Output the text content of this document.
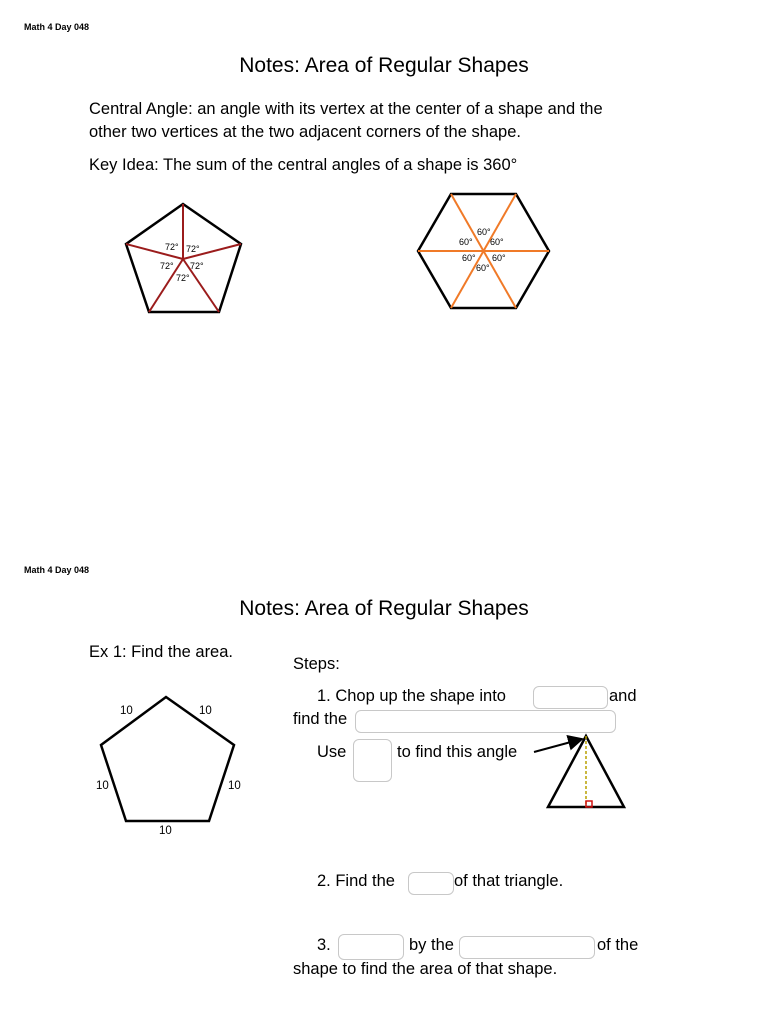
Math 4 Day 048
Notes: Area of Regular Shapes
Central Angle: an angle with its vertex at the center of a shape and the
other two vertices at the two adjacent corners of the shape.
Key Idea: The sum of the central angles of a shape is 360°
72° 72°
72° 72°
72°
60°
60° 60°
60° 60°
60°
Math 4 Day 048
Notes: Area of Regular Shapes
Ex 1: Find the area.
10	10
10	10
10
Steps:
1. Chop up the shape into	and
find the
Use	to find this angle
2. Find the	of that triangle.
3.	by the	of the
shape to find the area of that shape.
